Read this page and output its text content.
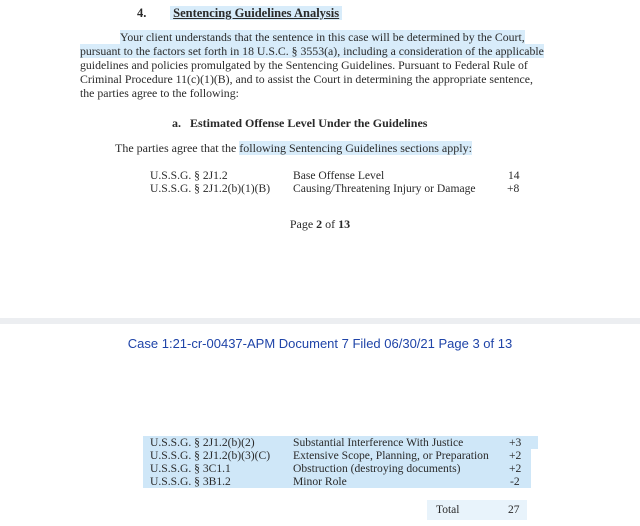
4. Sentencing Guidelines Analysis
Your client understands that the sentence in this case will be determined by the Court,
pursuant to the factors set forth in 18 U.S.C. § 3553(a), including a consideration of the applicable
guidelines and policies promulgated by the Sentencing Guidelines. Pursuant to Federal Rule of
Criminal Procedure 11(c)(1)(B), and to assist the Court in determining the appropriate sentence,
the parties agree to the following:
a. Estimated Offense Level Under the Guidelines
The parties agree that the following Sentencing Guidelines sections apply:
U.S.S.G. § 2J1.2	Base Offense Level	14
U.S.S.G. § 2J1.2(b)(1)(B) Causing/Threatening Injury or Damage	+8
Page 2 of 13
Case 1:21-cr-00437-APM Document 7 Filed 06/30/21 Page 3 of 13
U.S.S.G. § 2J1.2(b)(2)	Substantial Interference With Justice	+3
U.S.S.G. § 2J1.2(b)(3)(C) Extensive Scope, Planning, or Preparation +2
U.S.S.G. § 3C1.1	Obstruction (destroying documents)	+2
U.S.S.G. § 3B1.2	Minor Role	-2
Total	27
